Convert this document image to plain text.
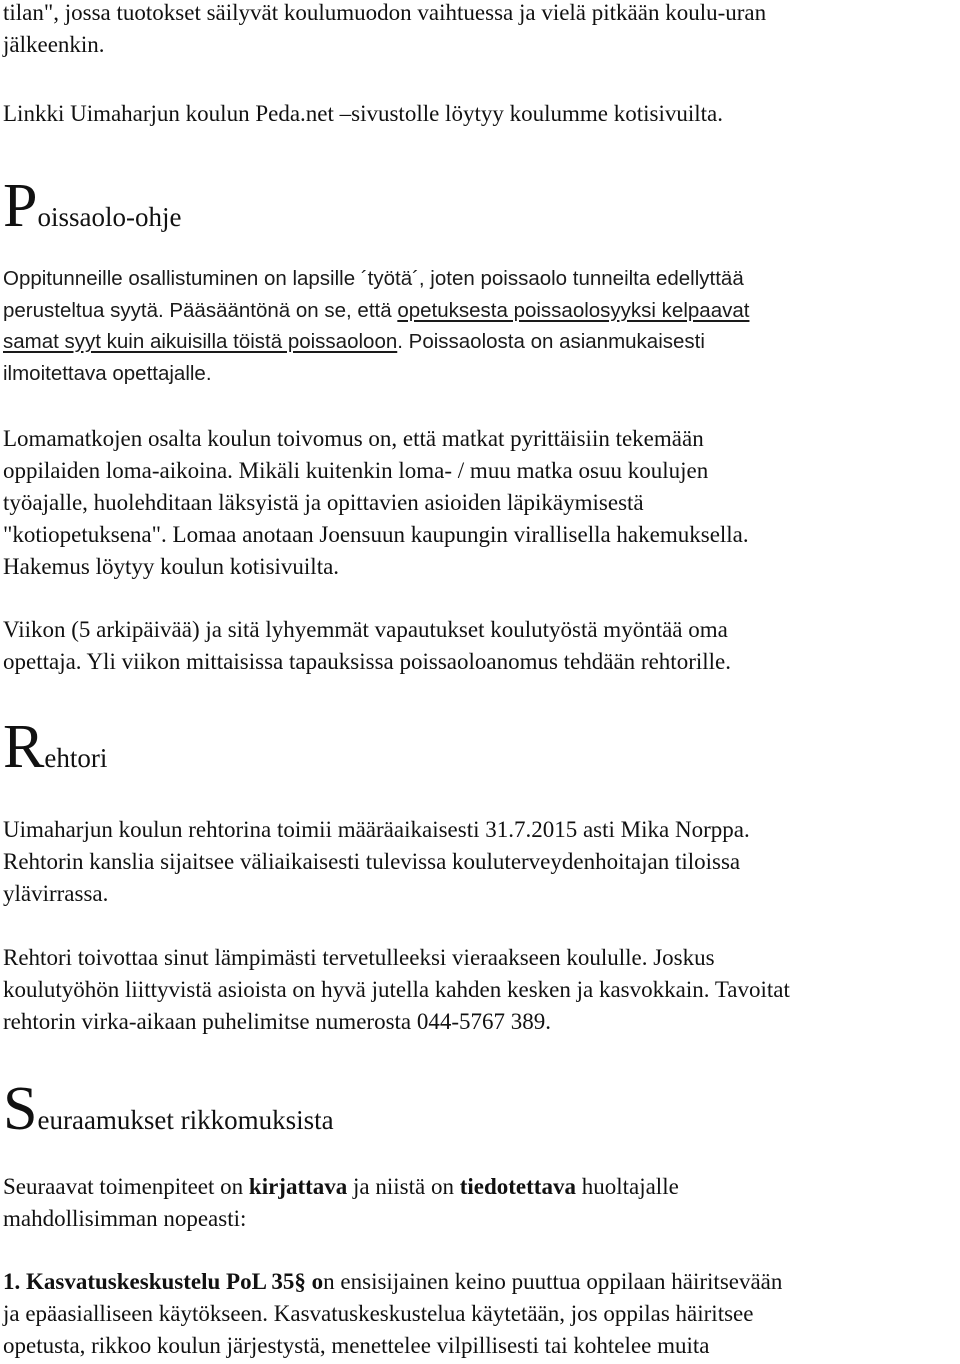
tilan", jossa tuotokset säilyvät koulumuodon vaihtuessa ja vielä pitkään koulu-uran

jälkeenkin.

Linkki Uimaharjun koulun Peda.net –sivustolle löytyy koulumme kotisivuilta.

Poissaolo-ohje

Oppitunneille osallistuminen on lapsille ´työtä´, joten poissaolo tunneilta edellyttää

perusteltua syytä. Pääsääntönä on se, että opetuksesta poissaolosyyksi kelpaavat

samat syyt kuin aikuisilla töistä poissaoloon. Poissaolosta on asianmukaisesti

ilmoitettava opettajalle.

Lomamatkojen osalta koulun toivomus on, että matkat pyrittäisiin tekemään

oppilaiden loma-aikoina. Mikäli kuitenkin loma- / muu matka osuu koulujen

työajalle, huolehditaan läksyistä ja opittavien asioiden läpikäymisestä

"kotiopetuksena". Lomaa anotaan Joensuun kaupungin virallisella hakemuksella.

Hakemus löytyy koulun kotisivuilta.

Viikon (5 arkipäivää) ja sitä lyhyemmät vapautukset koulutyöstä myöntää oma

opettaja. Yli viikon mittaisissa tapauksissa poissaoloanomus tehdään rehtorille.

Rehtori

Uimaharjun koulun rehtorina toimii määräaikaisesti 31.7.2015 asti Mika Norppa.

Rehtorin kanslia sijaitsee väliaikaisesti tulevissa kouluterveydenhoitajan tiloissa

ylävirrassa.

Rehtori toivottaa sinut lämpimästi tervetulleeksi vieraakseen koululle. Joskus

koulutyöhön liittyvistä asioista on hyvä jutella kahden kesken ja kasvokkain. Tavoitat

rehtorin virka-aikaan puhelimitse numerosta 044-5767 389.

Seuraamukset rikkomuksista

Seuraavat toimenpiteet on kirjattava ja niistä on tiedotettava huoltajalle

mahdollisimman nopeasti:

1. Kasvatuskeskustelu PoL 35§ on ensisijainen keino puuttua oppilaan häiritsevään

ja epäasialliseen käytökseen. Kasvatuskeskustelua käytetään, jos oppilas häiritsee

opetusta, rikkoo koulun järjestystä, menettelee vilpillisesti tai kohtelee muita
